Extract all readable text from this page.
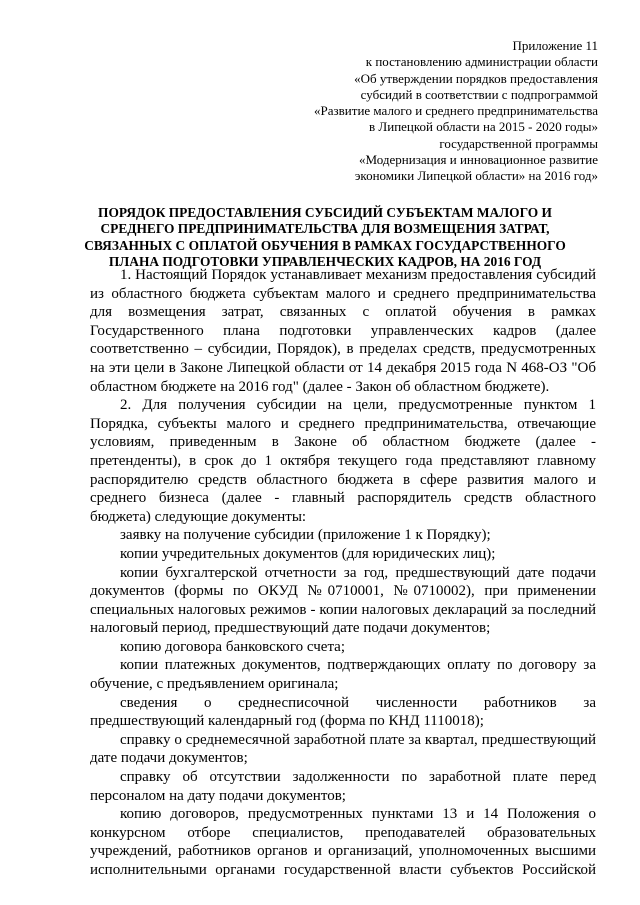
Приложение 11
к постановлению администрации области
«Об утверждении порядков предоставления
субсидий в соответствии с подпрограммой
«Развитие малого и среднего предпринимательства
в Липецкой области на 2015 - 2020 годы»
государственной программы
«Модернизация и инновационное развитие
экономики Липецкой области» на 2016 год»
ПОРЯДОК ПРЕДОСТАВЛЕНИЯ СУБСИДИЙ СУБЪЕКТАМ МАЛОГО И
СРЕДНЕГО ПРЕДПРИНИМАТЕЛЬСТВА ДЛЯ ВОЗМЕЩЕНИЯ ЗАТРАТ,
СВЯЗАННЫХ С ОПЛАТОЙ ОБУЧЕНИЯ В РАМКАХ ГОСУДАРСТВЕННОГО
ПЛАНА ПОДГОТОВКИ УПРАВЛЕНЧЕСКИХ КАДРОВ, НА 2016 ГОД

1. Настоящий Порядок устанавливает механизм предоставления субсидий из областного бюджета субъектам малого и среднего предпринимательства для возмещения затрат, связанных с оплатой обучения в рамках Государственного плана подготовки управленческих кадров (далее соответственно – субсидии, Порядок), в пределах средств, предусмотренных на эти цели в Законе Липецкой области от 14 декабря 2015 года N 468-ОЗ "Об областном бюджете на 2016 год" (далее - Закон об областном бюджете).

2. Для получения субсидии на цели, предусмотренные пунктом 1 Порядка, субъекты малого и среднего предпринимательства, отвечающие условиям, приведенным в Законе об областном бюджете (далее - претенденты), в срок до 1 октября текущего года представляют главному распорядителю средств областного бюджета в сфере развития малого и среднего бизнеса (далее - главный распорядитель средств областного бюджета) следующие документы:

заявку на получение субсидии (приложение 1 к Порядку);

копии учредительных документов (для юридических лиц);

копии бухгалтерской отчетности за год, предшествующий дате подачи документов (формы по ОКУД №0710001, №0710002), при применении специальных налоговых режимов - копии налоговых деклараций за последний налоговый период, предшествующий дате подачи документов;

копию договора банковского счета;

копии платежных документов, подтверждающих оплату по договору за обучение, с предъявлением оригинала;

сведения о среднесписочной численности работников за предшествующий календарный год (форма по КНД 1110018);

справку о среднемесячной заработной плате за квартал, предшествующий дате подачи документов;

справку об отсутствии задолженности по заработной плате перед персоналом на дату подачи документов;

копию договоров, предусмотренных пунктами 13 и 14 Положения о конкурсном отборе специалистов, преподавателей образовательных учреждений, работников органов и организаций, уполномоченных высшими исполнительными органами государственной власти субъектов Российской
